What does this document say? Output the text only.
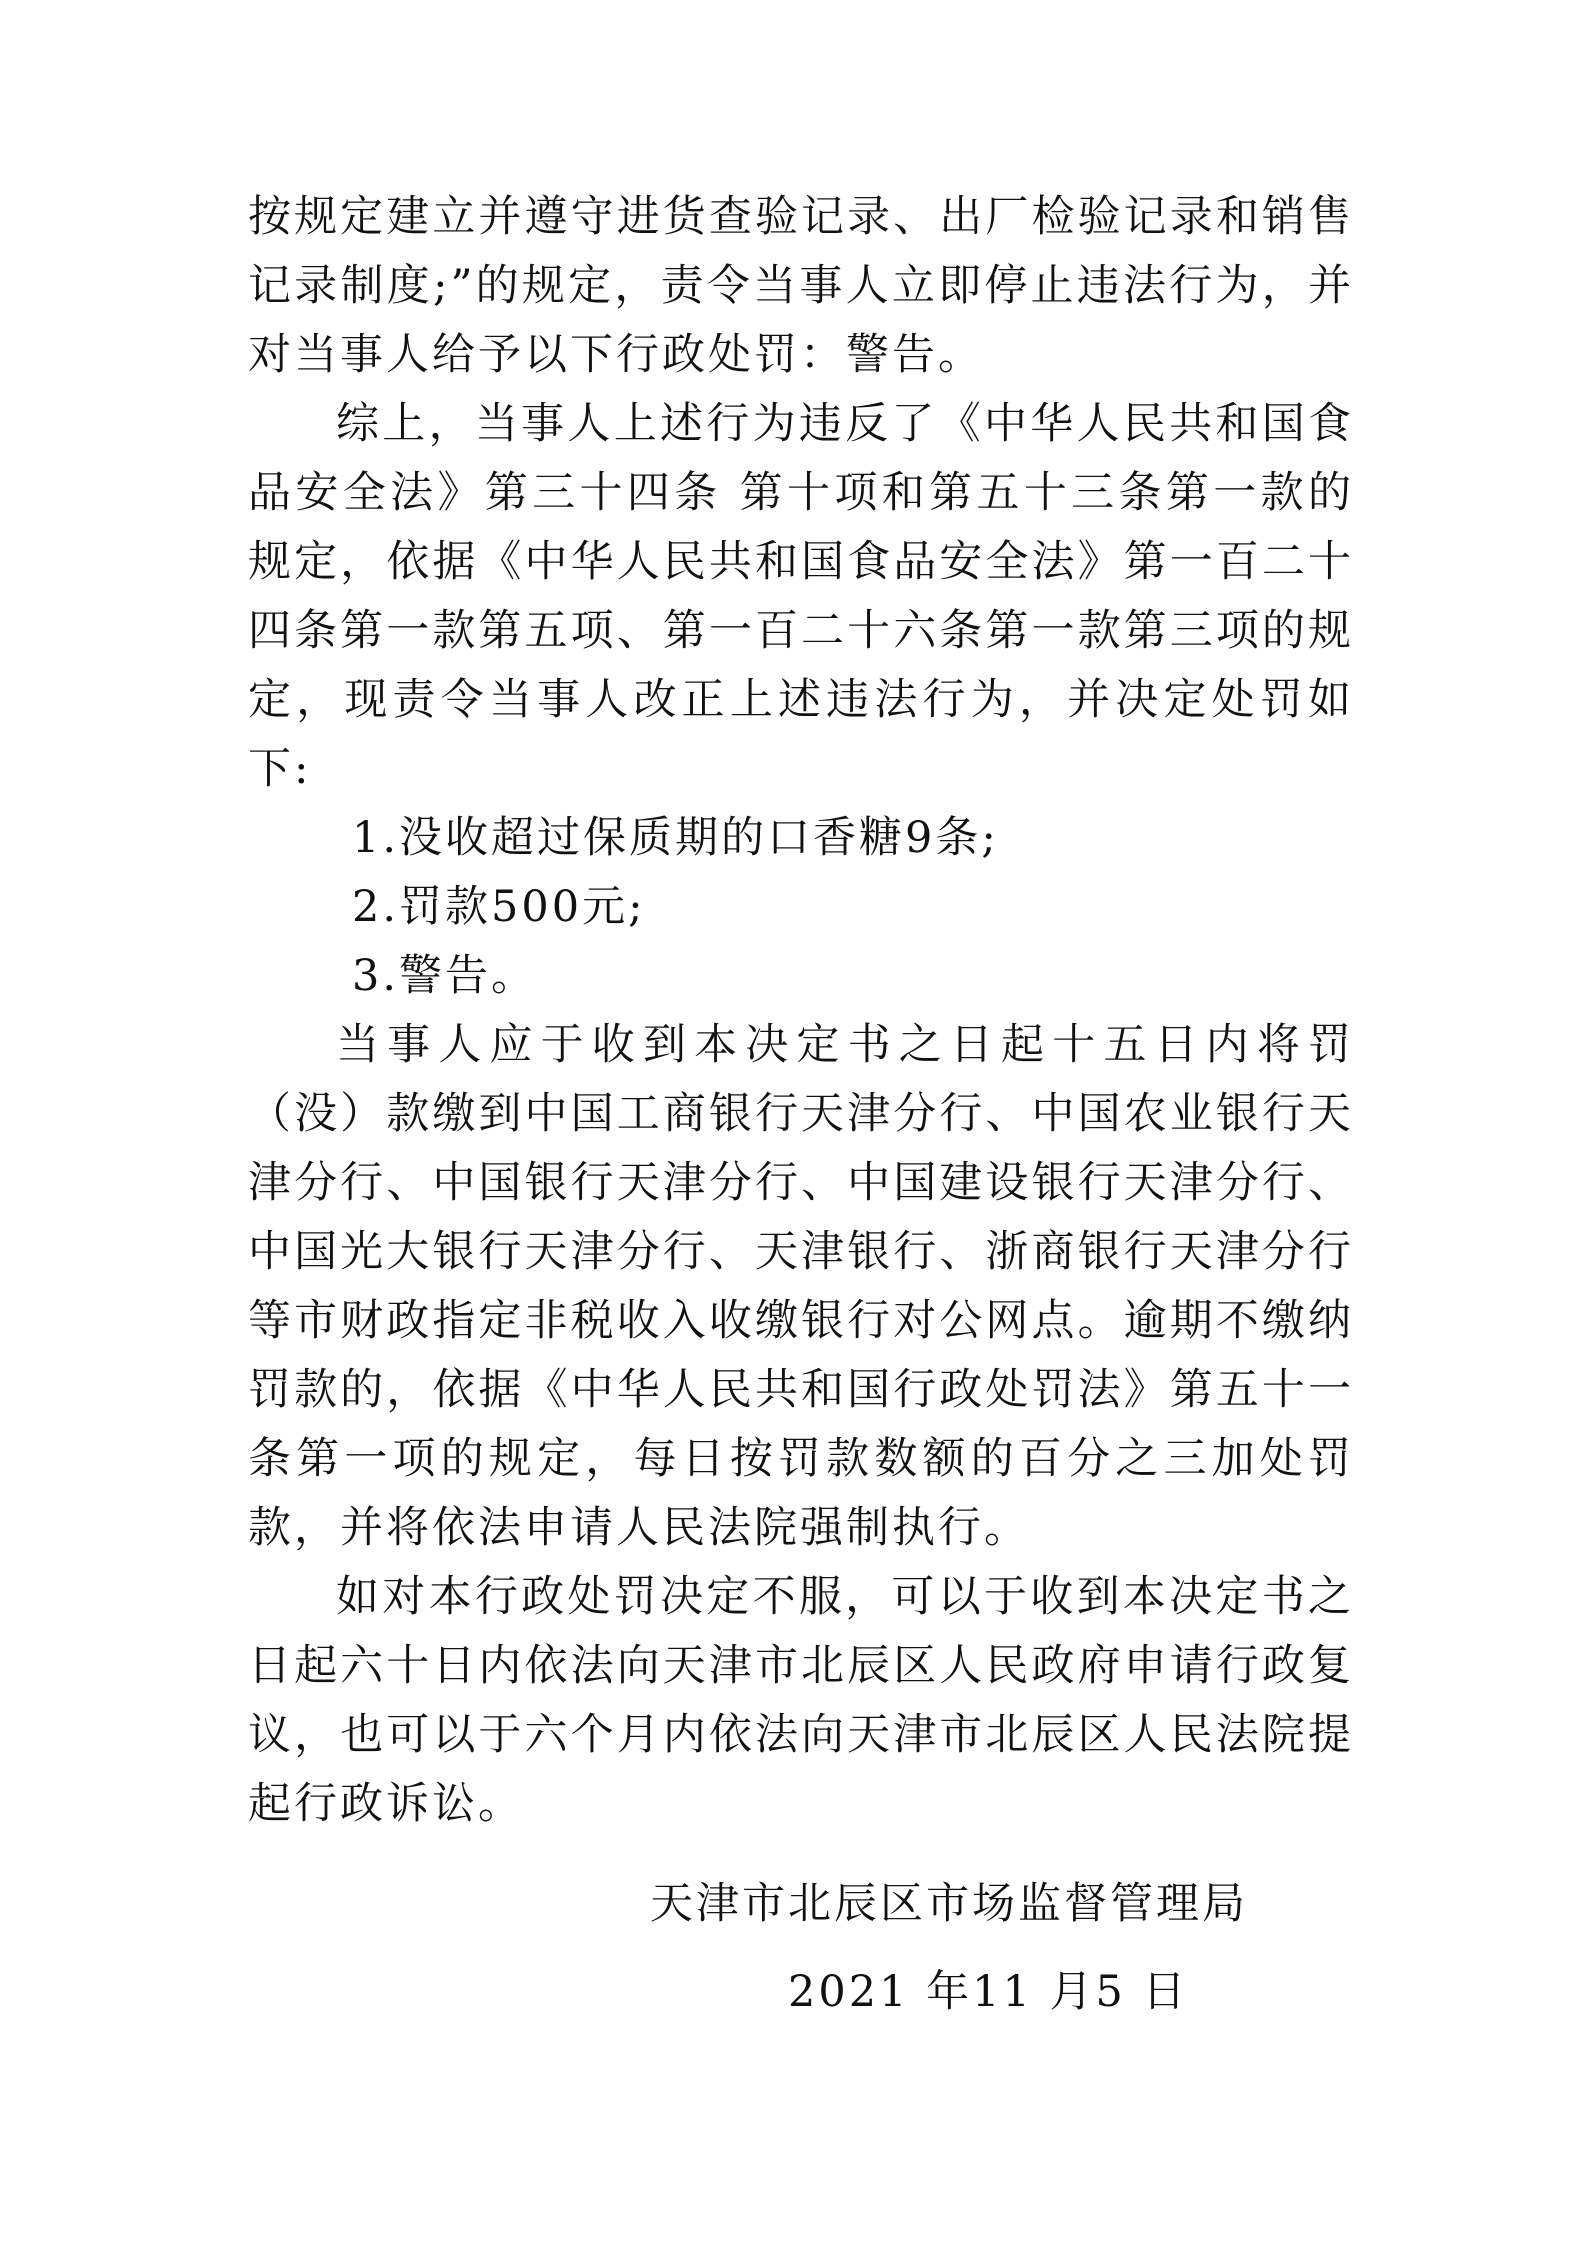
按规定建立并遵守进货查验记录、出厂检验记录和销售记录制度;”的规定，责令当事人立即停止违法行为，并对当事人给予以下行政处罚：警告。

综上，当事人上述行为违反了《中华人民共和国食品安全法》第三十四条 第十项和第五十三条第一款的规定，依据《中华人民共和国食品安全法》第一百二十四条第一款第五项、第一百二十六条第一款第三项的规定，现责令当事人改正上述违法行为，并决定处罚如下:

1.没收超过保质期的口香糖9条;

2.罚款500元;

3.警告。

当事人应于收到本决定书之日起十五日内将罚（没）款缴到中国工商银行天津分行、中国农业银行天津分行、中国银行天津分行、中国建设银行天津分行、中国光大银行天津分行、天津银行、浙商银行天津分行等市财政指定非税收入收缴银行对公网点。逾期不缴纳罚款的，依据《中华人民共和国行政处罚法》第五十一条第一项的规定，每日按罚款数额的百分之三加处罚款，并将依法申请人民法院强制执行。

如对本行政处罚决定不服，可以于收到本决定书之日起六十日内依法向天津市北辰区人民政府申请行政复议，也可以于六个月内依法向天津市北辰区人民法院提起行政诉讼。

天津市北辰区市场监督管理局
2021 年11 月5 日
